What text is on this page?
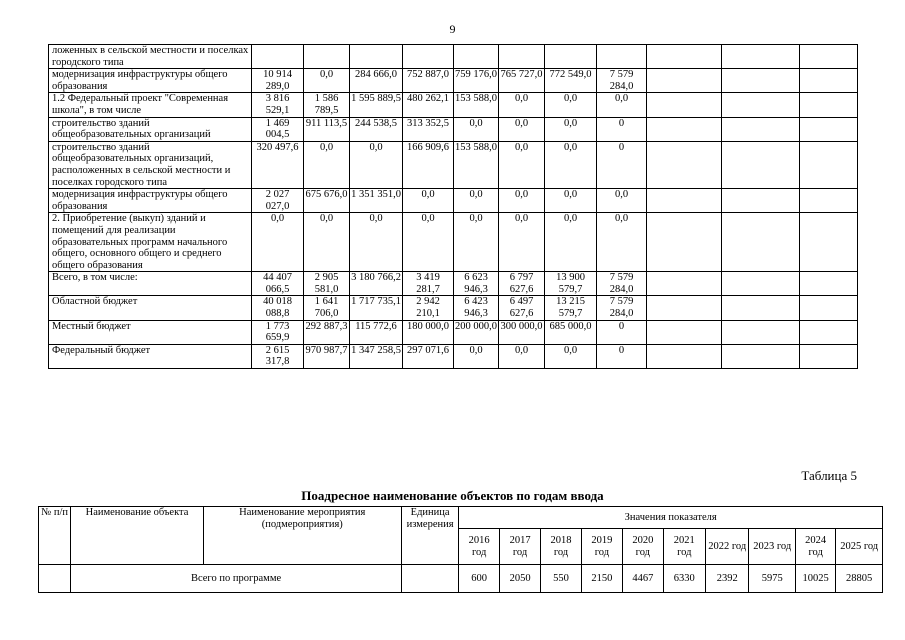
9
ложенных в сельской местности и поселках городского типа											
модернизация инфраструктуры общего образования	10 914 289,0	0,0	284 666,0	752 887,0	759 176,0	765 727,0	772 549,0	7 579 284,0			
1.2 Федеральный проект "Современная школа", в том числе	3 816 529,1	1 586 789,5	1 595 889,5	480 262,1	153 588,0	0,0	0,0	0,0			
строительство зданий общеобразовательных организаций	1 469 004,5	911 113,5	244 538,5	313 352,5	0,0	0,0	0,0	0			
строительство зданий общеобразовательных организаций, расположенных в сельской местности и поселках городского типа	320 497,6	0,0	0,0	166 909,6	153 588,0	0,0	0,0	0			
модернизация инфраструктуры общего образования	2 027 027,0	675 676,0	1 351 351,0	0,0	0,0	0,0	0,0	0,0			
2. Приобретение (выкуп) зданий и помещений для реализации образовательных программ начального общего, основного общего и среднего общего образования	0,0	0,0	0,0	0,0	0,0	0,0	0,0	0,0			
Всего, в том числе:	44 407 066,5	2 905 581,0	3 180 766,2	3 419 281,7	6 623 946,3	6 797 627,6	13 900 579,7	7 579 284,0			
Областной бюджет	40 018 088,8	1 641 706,0	1 717 735,1	2 942 210,1	6 423 946,3	6 497 627,6	13 215 579,7	7 579 284,0			
Местный бюджет	1 773 659,9	292 887,3	115 772,6	180 000,0	200 000,0	300 000,0	685 000,0	0			
Федеральный бюджет	2 615 317,8	970 987,7	1 347 258,5	297 071,6	0,0	0,0	0,0	0			
Таблица 5
Поадресное наименование объектов по годам ввода
№ п/п	Наименование объекта	Наименование мероприятия (подмероприятия)	Единица измерения	Значения показателя									
				2016 год	2017 год	2018 год	2019 год	2020 год	2021 год	2022 год	2023 год	2024 год	2025 год
	Всего по программе			600	2050	550	2150	4467	6330	2392	5975	10025	28805
